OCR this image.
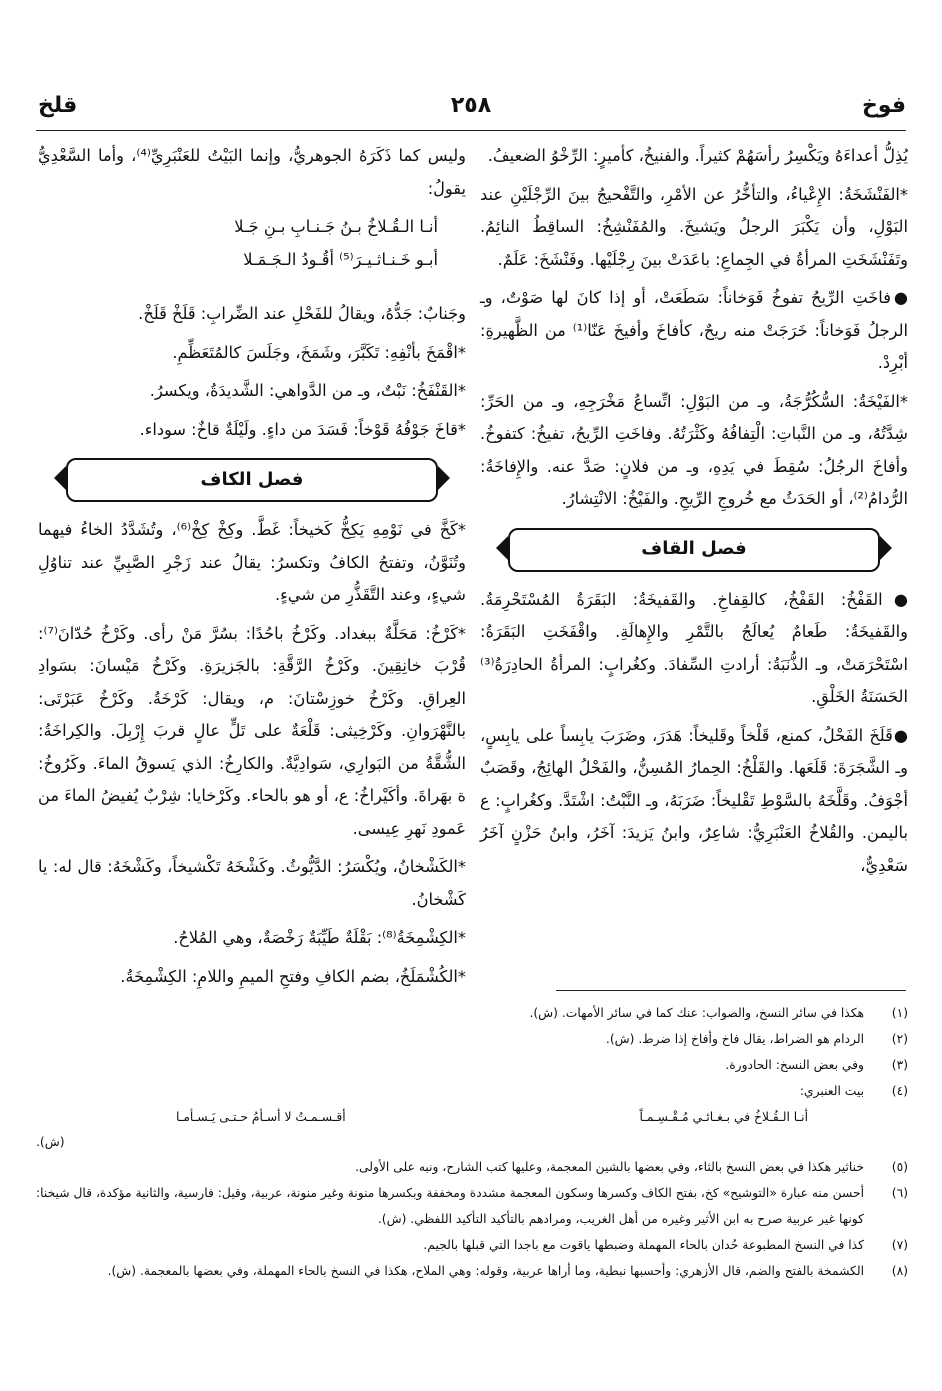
فوخ
٢٥٨
قلخ

يُذِلُّ أعداءَهُ ويَكْسِرُ رأسَهُمْ كثيراً. والفنيخُ، كأميرٍ: الرِّخْوُ الضعيفُ.

*الفَنْشَخَةُ: الإِعْياءُ، والتأخُّرُ عن الأمْرِ، والتَّفْحيجُ بينَ الرِّجْلَيْنِ عند البَوْلِ، وأن يَكْبَرَ الرجلُ ويَشيخَ. والمُفَنْشِخُ: الساقِطُ النائِمُ. وتَفَنْشَخَتِ المرأةُ في الجِماعِ: باعَدَتْ بينَ رِجْلَيْها. وفَنْشَخَ: عَلَمٌ.

●فاخَتِ الرِّيحُ تفوخُ فَوَخاناً: سَطَعَتْ، أو إذا كانَ لها صَوْتٌ، وـ الرجلُ فَوَخاناً: خَرَجَتْ منه ريحٌ، كأفاخَ وأفيخَ عَنّا⁽¹⁾ من الظَّهيرةِ: أبْرِدْ.

*الفَيْخَةُ: السُّكُرُّجَةُ، وـ من البَوْلِ: اتِّساعُ مَخْرَجِهِ، وـ من الحَرِّ: شِدَّتُهُ، وـ من النَّباتِ: الْتِفافُهُ وكَثْرَتُهُ. وفاخَتِ الرِّيحُ، تفيخُ: كتفوخُ. وأفاخَ الرجُلُ: سُقِطَ في يَدِهِ، وـ من فلانٍ: صَدَّ عنه. والإِفاخَةُ: الرُّدامُ⁽²⁾، أو الحَدَثُ مع خُروجِ الرِّيحِ. والفَيْخُ: الانْتِشارُ.

فصل القاف

●القَفْخُ: القَفْخُ، كالقِفاخِ. والقَفيخَةُ: البَقَرَةُ المُسْتَحْرِمَةُ. والقَفيخَةُ: طَعامٌ يُعالَجُ بالتَّمْرِ والإِهالَةِ. واقْفَخَتِ البَقَرَةُ: اسْتَحْرَمَتْ، وـ الذُّنَبَةُ: أرادتِ السِّفادَ. وكغُرابٍ: المرأةُ الحادِرَةُ⁽³⁾ الحَسَنَةُ الخَلْقِ.

●قَلَخَ الفَحْلُ، كمنع، قَلْخاً وقَليخاً: هَدَرَ، وضَرَبَ يابِساً على يابِسٍ، وـ الشَّجَرَةَ: قَلَعَها. والقَلْخُ: الحِمارُ المُسِنُّ، والفَحْلُ الهائِجُ، وقَصَبٌ أجْوَفُ. وقَلَّخَهُ بالسَّوْطِ تَقْليخاً: ضَرَبَهُ، وـ النَّبْتُ: اشْتَدَّ. وكغُرابٍ: ع باليمن. والقُلاخُ العَنْبَرِيُّ: شاعِرٌ، وابنُ يَزيدَ: آخَرُ، وابنُ حَزْنٍ آخَرُ سَعْدِيٌّ،

وليس كما ذَكَرَهُ الجوهريُّ، وإنما البَيْتُ للعَنْبَرِيِّ⁽⁴⁾، وأما السَّعْدِيُّ يقولُ:

أنـا الـقُـلاخُ بـنُ جَـنـابِ بـنِ جَـلا

أبـو خَـنـاثـيـرَ⁽⁵⁾ أقُـودُ الـجَـمَـلا

وجَنابٌ: جَدُّهُ، ويقالُ للفَحْلِ عند الضِّرابِ: قَلَخْ قَلَخْ.

*اقْمَخَ بأنْفِهِ: تَكَبَّرَ، وشَمَخَ، وجَلَسَ كالمُتَعَظِّمِ.

*القَنْفَخُ: نَبْتٌ، وـ من الدَّواهي: الشَّديدَةُ، ويكسرُ.

*قاخَ جَوْفُهُ قَوْخاً: فَسَدَ من داءٍ. ولَيْلَةٌ قاخٌ: سوداء.

فصل الكاف

*كَخَّ في نَوْمِهِ يَكِخُّ كَخيخاً: غَطَّ. وكِخْ كِخْ⁽⁶⁾، وتُشَدَّدُ الخاءُ فيهما وتُنَوَّنُ، وتفتحُ الكافُ وتكسرُ: يقالُ عند زَجْرِ الصَّبِيِّ عند تناوُلِ شيءٍ، وعند التَّقَذُّرِ من شيءٍ.

*كَرْخُ: مَحَلَّةٌ ببغداد. وكَرْخُ باحُدًا: بسُرَّ مَنْ رأى. وكَرْخُ حُدّانَ⁽⁷⁾: قُرْبَ خانِقِينَ. وكَرْخُ الرَّقَّةِ: بالجَزيرَةِ. وكَرْخُ مَيْسانَ: بسَوادِ العِراقِ. وكَرْخُ خوزِسْتانَ: م، ويقال: كَرْخَةُ. وكَرْخُ عَبَرْتَى: بالنَّهْرَوانِ. وكَرْخِيثى: قَلْعَةٌ على تَلٍّ عالٍ قربَ إِرْبِلَ. والكِراخَةُ: الشُّقَّةُ من البَوارِي، سَوادِيَّةٌ. والكارِخُ: الذي يَسوقُ الماءَ. وكَرُوخُ: ة بهَراةَ. وأكَيْراخُ: ع، أو هو بالحاء. وكَرْخايا: شِرْبٌ يُفيضُ الماءَ من عَمودِ نَهرِ عِيسى.

*الكَشْخانُ، ويُكْسَرُ: الدَّيُّوثُ. وكَشْخَهُ تَكْشيخاً، وكَشْخَهُ: قال له: يا كَشْخانُ.

*الكِشْمِخَةُ⁽⁸⁾: بَقْلَةٌ طَيِّبَةٌ رَخْصَةٌ، وهي المُلاحُ.

*الكُشْمَلَخُ، بضم الكافِ وفتحِ الميمِ واللامِ: الكِشْمِخَةُ.

(١)
هكذا في سائر النسخ، والصواب: عنك كما في سائر الأمهات. (ش).
(٢)
الردام هو الضراط، يقال فاخ وأفاخ إذا ضرط. (ش).
(٣)
وفي بعض النسخ: الحادورة.
(٤)
بيت العنبري:
أنـا الـقُـلاخُ في بـغـائـي مُـقْـسِـمـاً
أقـسـمـتُ لا أسـأمُ حـتـى يَـسـأمـا
(ش).
(٥)
خناثير هكذا في بعض النسخ بالثاء، وفي بعضها بالشين المعجمة، وعليها كتب الشارح، ونبه على الأولى.
(٦)
أحسن منه عبارة «التوشيح» كخ، بفتح الكاف وكسرها وسكون المعجمة مشددة ومخففة وبكسرها منونة وغير منونة، عربية، وقيل: فارسية، والثانية مؤكدة، قال شيخنا: كونها غير عربية صرح به ابن الأثير وغيره من أهل الغريب، ومرادهم بالتأكيد التأكيد اللفظي. (ش).
(٧)
كذا في النسخ المطبوعة حُدان بالحاء المهملة وضبطها ياقوت مع باجدا التي قبلها بالجيم.
(٨)
الكشمخة بالفتح والضم، قال الأزهري: وأحسبها نبطية، وما أراها عربية، وقوله: وهي الملاح، هكذا في النسخ بالحاء المهملة، وفي بعضها بالمعجمة. (ش).
